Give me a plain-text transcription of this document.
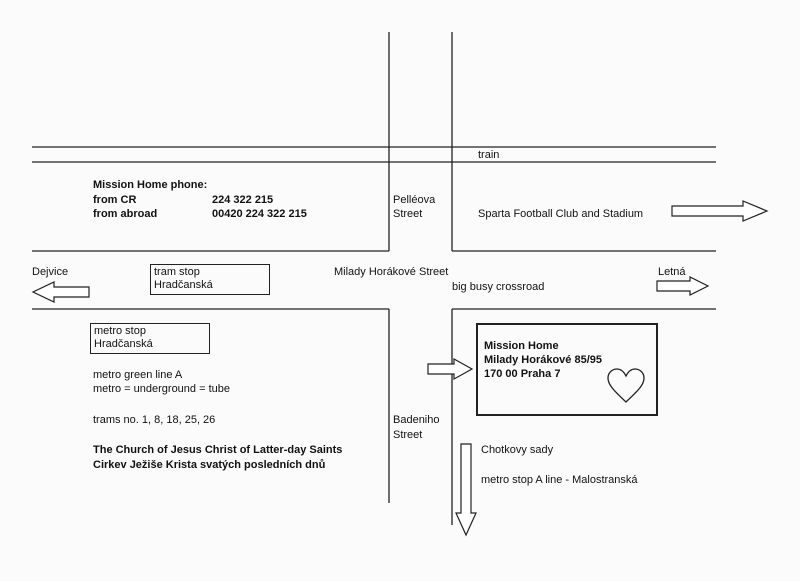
train
Mission Home phone:
from CR	224 322 215
from abroad	00420 224 322 215
Pelléova
Street	Sparta Football Club and Stadium
Dejvice	tram stop
Hradčanská
Milady Horákové Street	Letná
big busy crossroad
metro stop
Hradčanská
metro green line A
metro = underground = tube
trams no. 1, 8, 18, 25, 26
The Church of Jesus Christ of Latter-day Saints
Cirkev Ježiše Krista svatých posledních dnů
Mission Home
Milady Horákové 85/95
170 00 Praha 7
Badeniho
Street
Chotkovy sady
metro stop A line - Malostranská
